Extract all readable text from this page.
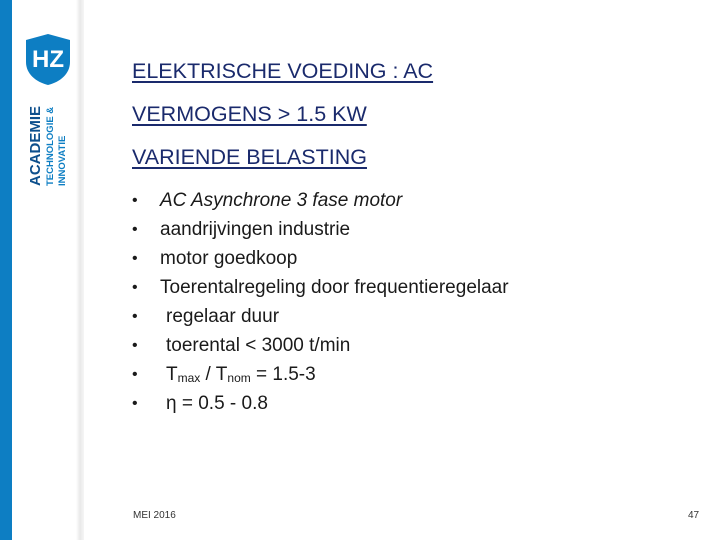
HZ
ACADEMIE TECHNOLOGIE & INNOVATIE
ELEKTRISCHE VOEDING : AC
VERMOGENS > 1.5 KW
VARIENDE BELASTING
•	AC Asynchrone 3 fase motor
•	aandrijvingen industrie
•	motor goedkoop
•	Toerentalregeling door frequentieregelaar
•	regelaar duur
•	toerental < 3000 t/min
•	Tmax / Tnom = 1.5-3
•	η = 0.5 - 0.8
MEI 2016	47
